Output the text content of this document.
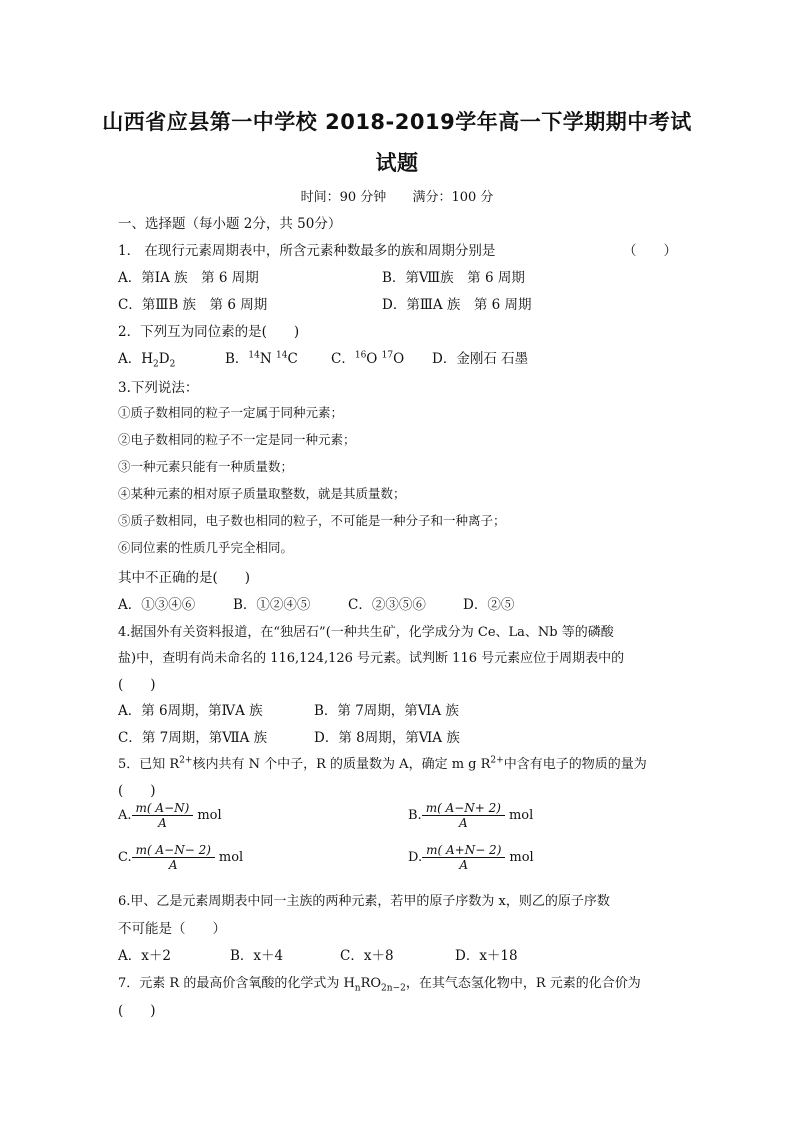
山西省应县第一中学校 2018-2019学年高一下学期期中考试
试题
时间：90 分钟 满分：100 分
一、选择题（每小题 2分，共 50分）
1． 在现行元素周期表中，所含元素种数最多的族和周期分别是	（　　）
A．第ⅠA 族　第 6 周期	B．第Ⅷ族　第 6 周期
C．第ⅢB 族　第 6 周期	D．第ⅢA 族　第 6 周期
2．下列互为同位素的是(　　)
A．$H_2D_2$	B．$^{14}$N $^{14}$C C．$^{16}$O $^{17}$O D．金刚石 石墨
3.下列说法：
①质子数相同的粒子一定属于同种元素；
②电子数相同的粒子不一定是同一种元素；
③一种元素只能有一种质量数；
④某种元素的相对原子质量取整数，就是其质量数；
⑤质子数相同，电子数也相同的粒子，不可能是一种分子和一种离子；
⑥同位素的性质几乎完全相同。
其中不正确的是(　　)
A．①③④⑥	B．①②④⑤	C．②③⑤⑥	D．②⑤
4.据国外有关资料报道，在“独居石”(一种共生矿，化学成分为 Ce、La、Nb 等的磷酸
盐)中，查明有尚未命名的 116,124,126 号元素。试判断 116 号元素应位于周期表中的
(　　)
A．第 6周期，第ⅣA 族	B．第 7周期，第ⅥA 族
C．第 7周期，第ⅦA 族	D．第 8周期，第ⅥA 族
5．已知 $R^{2+}$核内共有 N 个中子，R 的质量数为 A，确定 m g $R^{2+}$中含有电子的物质的量为
(　　)
A. $\frac{m( A-N)}{A}$ mol	B. $\frac{m( A-N+ 2)}{A}$ mol
C. $\frac{m( A-N- 2)}{A}$ mol	D. $\frac{m( A+N- 2)}{A}$ mol
6.甲、乙是元素周期表中同一主族的两种元素，若甲的原子序数为 x，则乙的原子序数
不可能是（　　）
A．x＋2	B．x＋4	C．x＋8	D．x＋18
7．元素 R 的最高价含氧酸的化学式为 $H_nRO_{2n-2}$，在其气态氢化物中，R 元素的化合价为
(　　)
